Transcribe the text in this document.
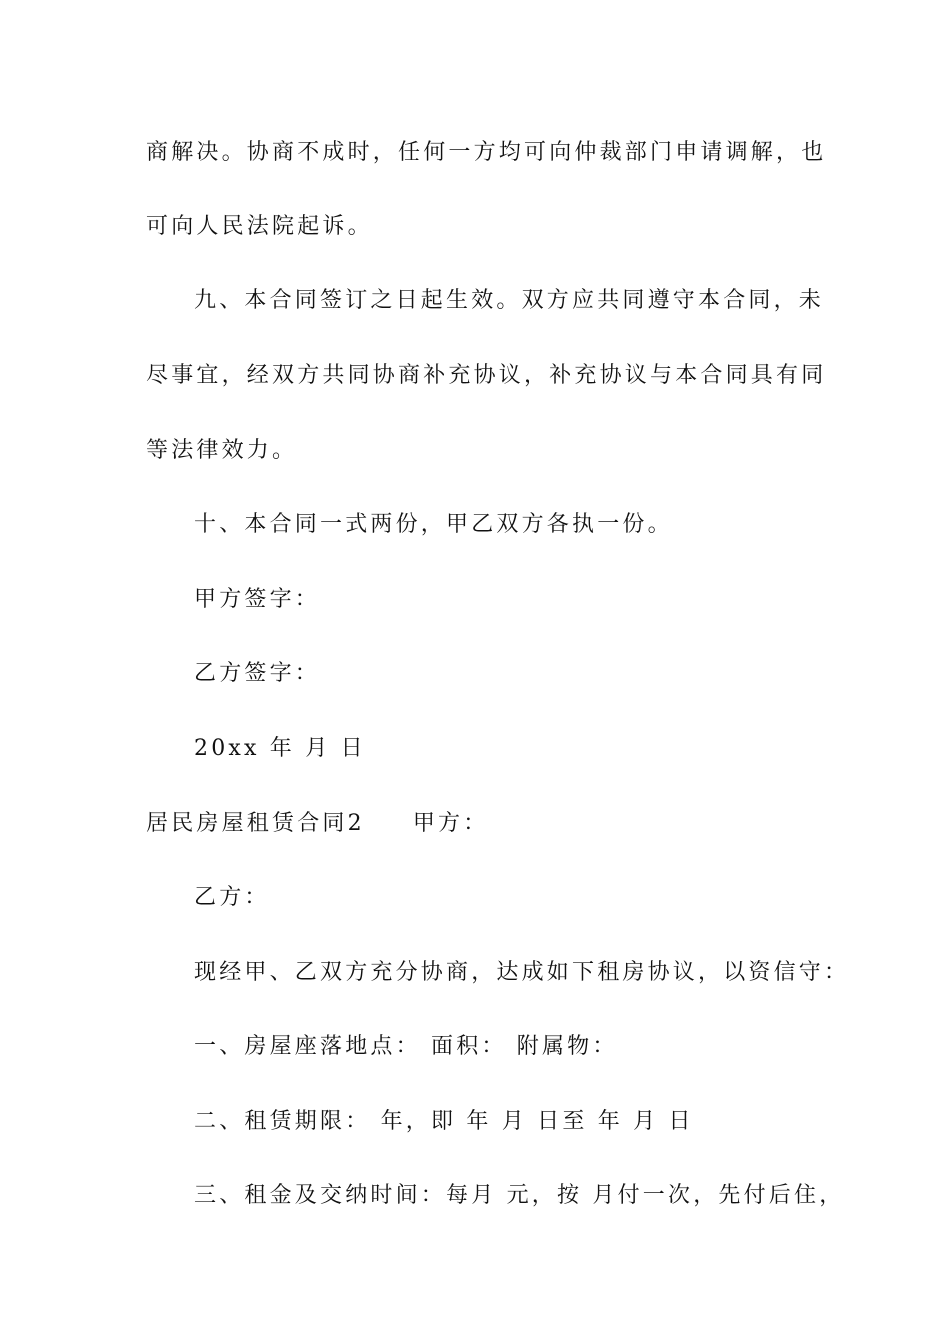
商解决。协商不成时，任何一方均可向仲裁部门申请调解，也
可向人民法院起诉。
九、本合同签订之日起生效。双方应共同遵守本合同，未
尽事宜，经双方共同协商补充协议，补充协议与本合同具有同
等法律效力。
十、本合同一式两份，甲乙双方各执一份。
甲方签字：
乙方签字：
20xx 年 月 日
居民房屋租赁合同2 甲方：
乙方：
现经甲、乙双方充分协商，达成如下租房协议，以资信守：
一、房屋座落地点： 面积： 附属物：
二、租赁期限： 年，即 年 月 日至 年 月 日
三、租金及交纳时间：每月 元，按 月付一次，先付后住，
